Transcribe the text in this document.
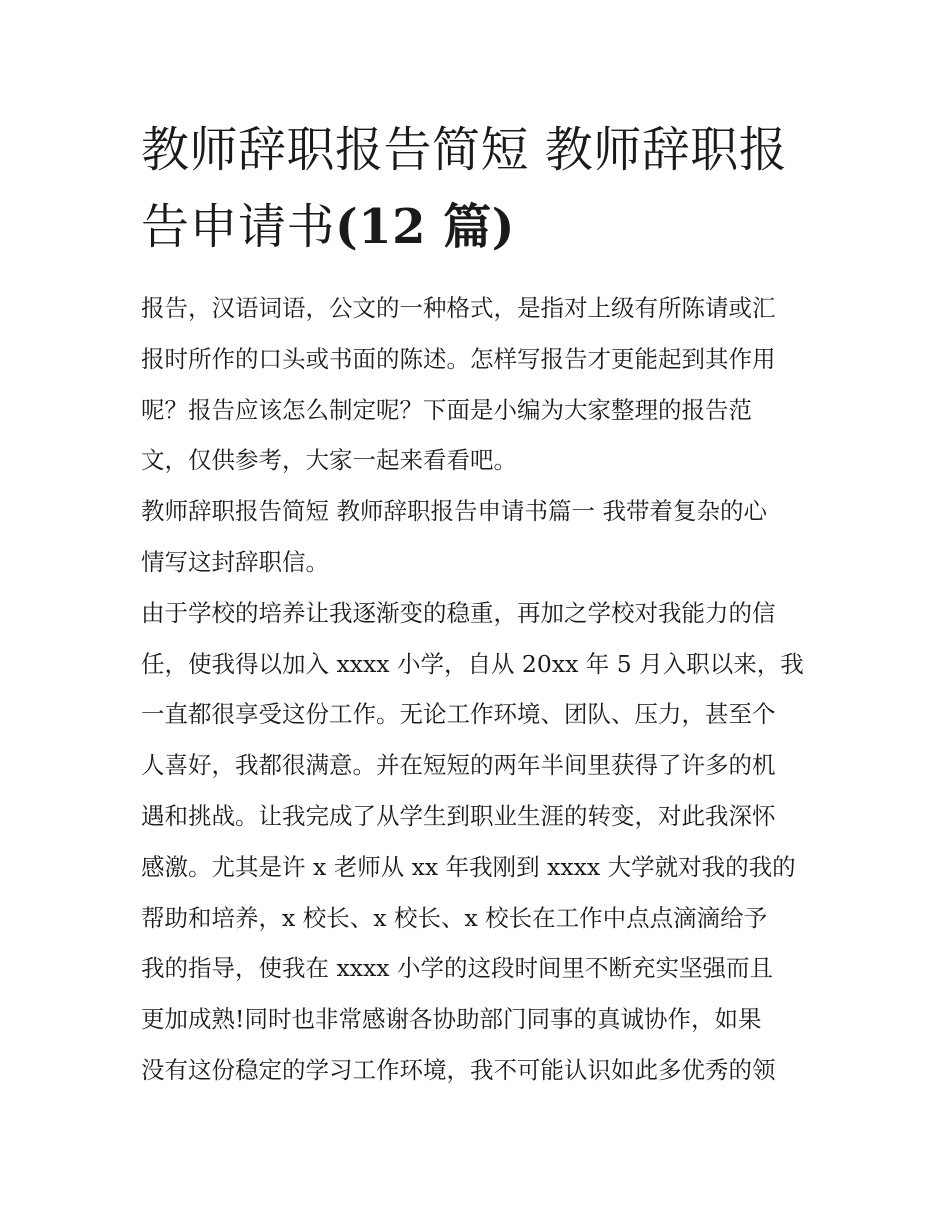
教师辞职报告简短 教师辞职报
告申请书(12 篇)

报告，汉语词语，公文的一种格式，是指对上级有所陈请或汇
报时所作的口头或书面的陈述。怎样写报告才更能起到其作用
呢？报告应该怎么制定呢？下面是小编为大家整理的报告范
文，仅供参考，大家一起来看看吧。

教师辞职报告简短 教师辞职报告申请书篇一 我带着复杂的心
情写这封辞职信。

由于学校的培养让我逐渐变的稳重，再加之学校对我能力的信
任，使我得以加入 xxxx 小学，自从 20xx 年 5 月入职以来，我
一直都很享受这份工作。无论工作环境、团队、压力，甚至个
人喜好，我都很满意。并在短短的两年半间里获得了许多的机
遇和挑战。让我完成了从学生到职业生涯的转变，对此我深怀
感激。尤其是许 x 老师从 xx 年我刚到 xxxx 大学就对我的我的
帮助和培养，x 校长、x 校长、x 校长在工作中点点滴滴给予
我的指导，使我在 xxxx 小学的这段时间里不断充实坚强而且
更加成熟!同时也非常感谢各协助部门同事的真诚协作，如果
没有这份稳定的学习工作环境，我不可能认识如此多优秀的领
